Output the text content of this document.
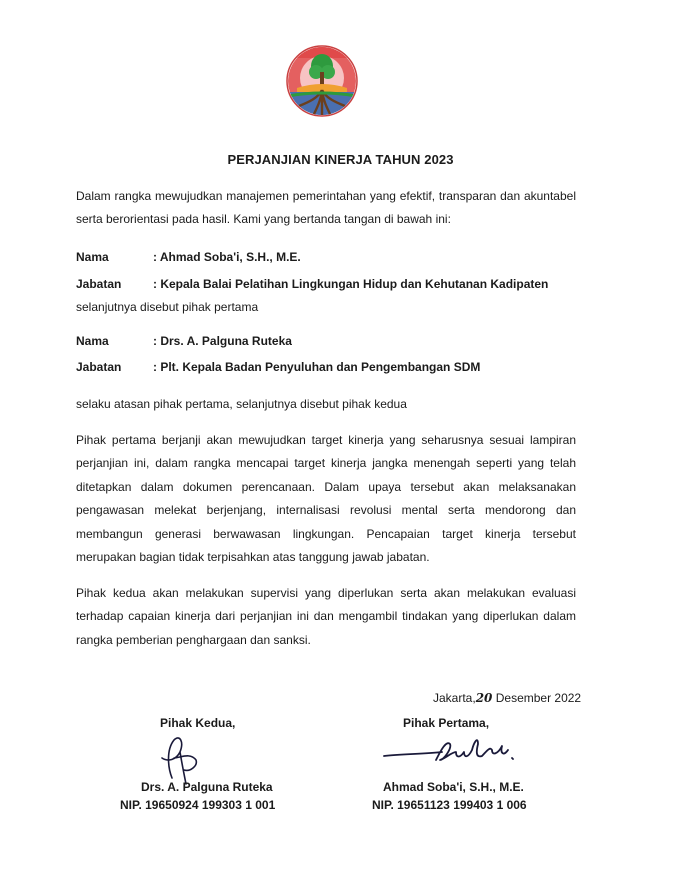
PERJANJIAN KINERJA TAHUN 2023
Dalam rangka mewujudkan manajemen pemerintahan yang efektif, transparan dan akuntabel serta berorientasi pada hasil. Kami yang bertanda tangan di bawah ini:
Nama	: Ahmad Soba'i, S.H., M.E.
Jabatan	: Kepala Balai Pelatihan Lingkungan Hidup dan Kehutanan Kadipaten
selanjutnya disebut pihak pertama
Nama	: Drs. A. Palguna Ruteka
Jabatan	: Plt. Kepala Badan Penyuluhan dan Pengembangan SDM
selaku atasan pihak pertama, selanjutnya disebut pihak kedua
Pihak pertama berjanji akan mewujudkan target kinerja yang seharusnya sesuai lampiran perjanjian ini, dalam rangka mencapai target kinerja jangka menengah seperti yang telah ditetapkan dalam dokumen perencanaan. Dalam upaya tersebut akan melaksanakan pengawasan melekat berjenjang, internalisasi revolusi mental serta mendorong dan membangun generasi berwawasan lingkungan. Pencapaian target kinerja tersebut merupakan bagian tidak terpisahkan atas tanggung jawab jabatan.
Pihak kedua akan melakukan supervisi yang diperlukan serta akan melakukan evaluasi terhadap capaian kinerja dari perjanjian ini dan mengambil tindakan yang diperlukan dalam rangka pemberian penghargaan dan sanksi.
Jakarta,20 Desember 2022
Pihak Kedua,
Drs. A. Palguna Ruteka
NIP. 19650924 199303 1 001
Pihak Pertama,
Ahmad Soba'i, S.H., M.E.
NIP. 19651123 199403 1 006
